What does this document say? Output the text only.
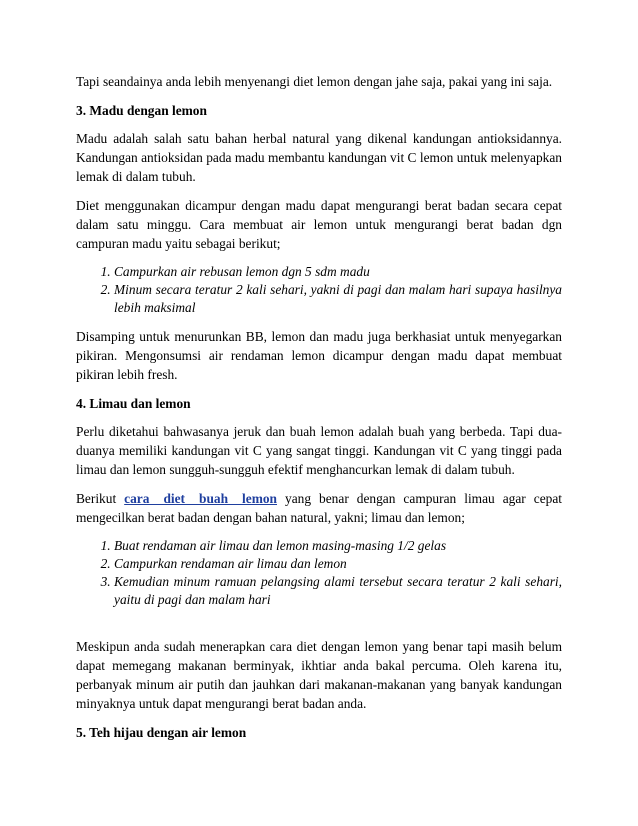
Tapi seandainya anda lebih menyenangi diet lemon dengan jahe saja, pakai yang ini saja.

3. Madu dengan lemon

Madu adalah salah satu bahan herbal natural yang dikenal kandungan antioksidannya. Kandungan antioksidan pada madu membantu kandungan vit C lemon untuk melenyapkan lemak di dalam tubuh.

Diet menggunakan dicampur dengan madu dapat mengurangi berat badan secara cepat dalam satu minggu. Cara membuat air lemon untuk mengurangi berat badan dgn campuran madu yaitu sebagai berikut;

1. Campurkan air rebusan lemon dgn 5 sdm madu
2. Minum secara teratur 2 kali sehari, yakni di pagi dan malam hari supaya hasilnya lebih maksimal

Disamping untuk menurunkan BB, lemon dan madu juga berkhasiat untuk menyegarkan pikiran. Mengonsumsi air rendaman lemon dicampur dengan madu dapat membuat pikiran lebih fresh.

4. Limau dan lemon

Perlu diketahui bahwasanya jeruk dan buah lemon adalah buah yang berbeda. Tapi dua-duanya memiliki kandungan vit C yang sangat tinggi. Kandungan vit C yang tinggi pada limau dan lemon sungguh-sungguh efektif menghancurkan lemak di dalam tubuh.

Berikut cara diet buah lemon yang benar dengan campuran limau agar cepat mengecilkan berat badan dengan bahan natural, yakni; limau dan lemon;

1. Buat rendaman air limau dan lemon masing-masing 1/2 gelas
2. Campurkan rendaman air limau dan lemon
3. Kemudian minum ramuan pelangsing alami tersebut secara teratur 2 kali sehari, yaitu di pagi dan malam hari

Meskipun anda sudah menerapkan cara diet dengan lemon yang benar tapi masih belum dapat memegang makanan berminyak, ikhtiar anda bakal percuma. Oleh karena itu, perbanyak minum air putih dan jauhkan dari makanan-makanan yang banyak kandungan minyaknya untuk dapat mengurangi berat badan anda.

5. Teh hijau dengan air lemon
